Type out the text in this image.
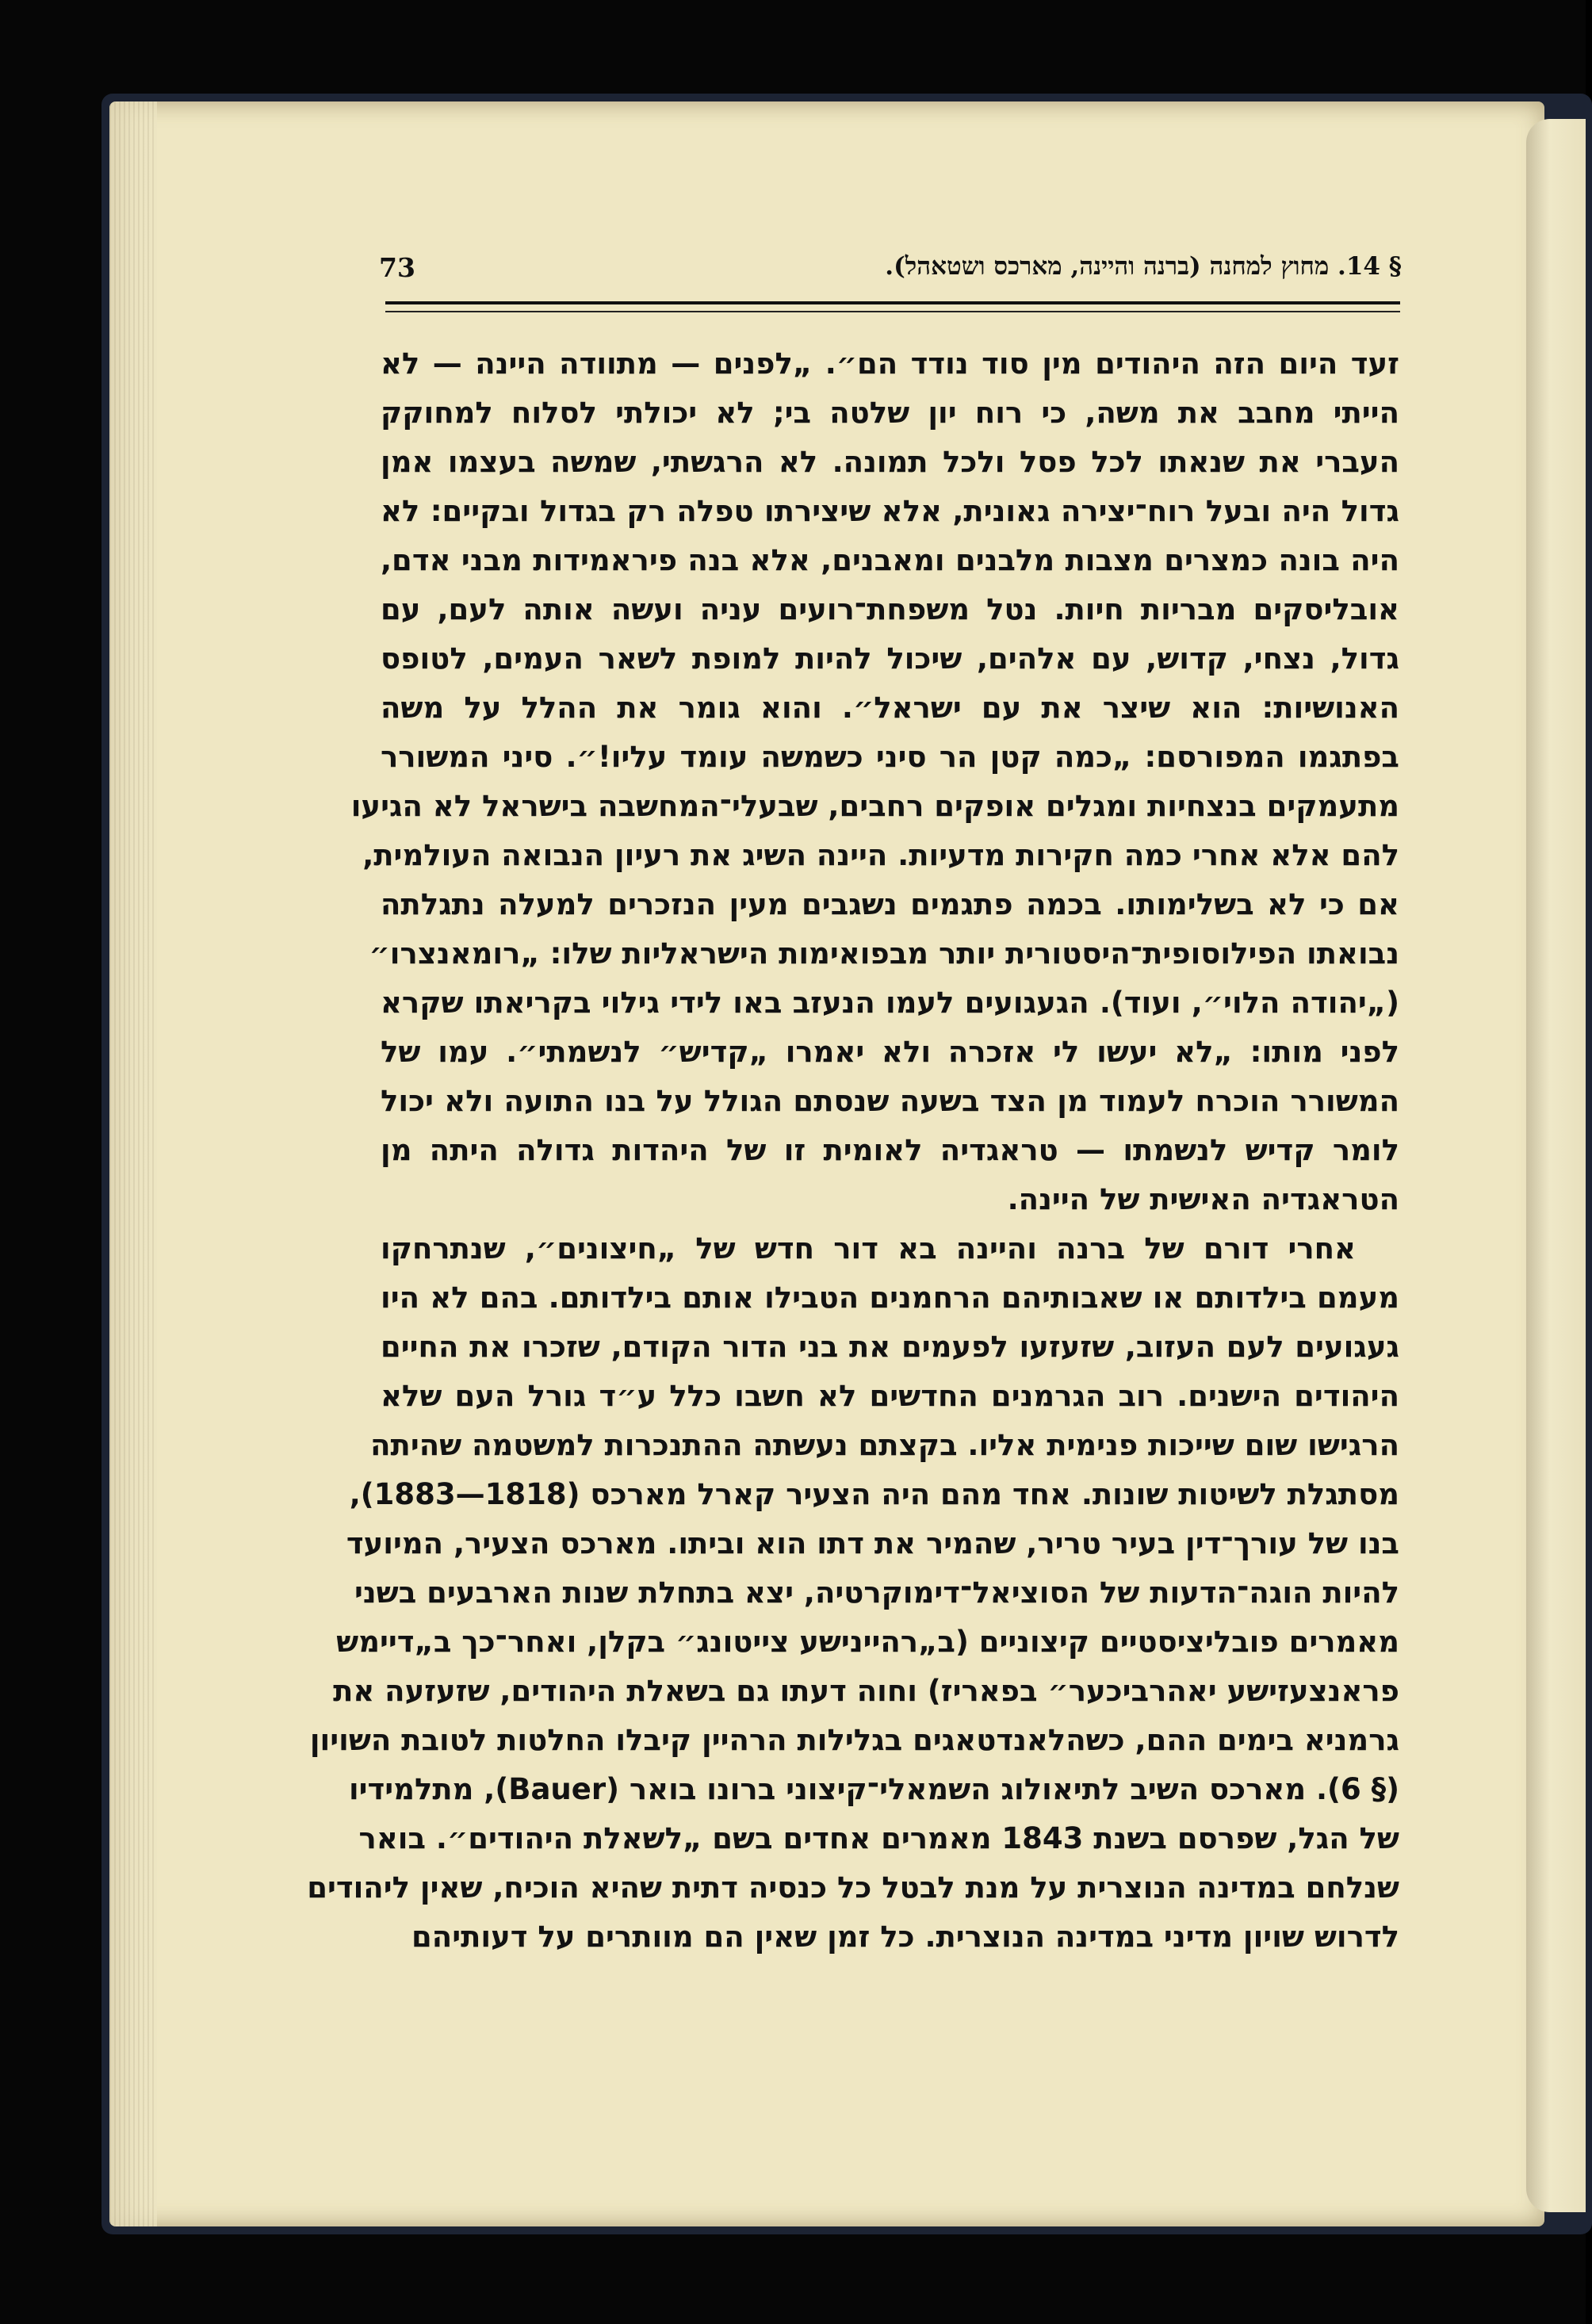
§ 14. מחוץ למחנה (ברנה והיינה, מארכס ושטאהל).
73
זעד היום הזה היהודים מין סוד נודד הם״. „לפנים — מתוודה היינה — לא
הייתי מחבב את משה, כי רוח יון שלטה בי; לא יכולתי לסלוח למחוקק
העברי את שנאתו לכל פסל ולכל תמונה. לא הרגשתי, שמשה בעצמו אמן
גדול היה ובעל רוח־יצירה גאונית, אלא שיצירתו טפלה רק בגדול ובקיים: לא
היה בונה כמצרים מצבות מלבנים ומאבנים, אלא בנה פיראמידות מבני אדם,
אובליסקים מבריות חיות. נטל משפחת־רועים עניה ועשה אותה לעם, עם
גדול, נצחי, קדוש, עם אלהים, שיכול להיות למופת לשאר העמים, לטופס
האנושיות: הוא שיצר את עם ישראל״. והוא גומר את ההלל על משה
בפתגמו המפורסם: „כמה קטן הר סיני כשמשה עומד עליו!״. סיני המשורר
מתעמקים בנצחיות ומגלים אופקים רחבים, שבעלי־המחשבה בישראל לא הגיעו
להם אלא אחרי כמה חקירות מדעיות. היינה השיג את רעיון הנבואה העולמית,
אם כי לא בשלימותו. בכמה פתגמים נשגבים מעין הנזכרים למעלה נתגלתה
נבואתו הפילוסופית־היסטורית יותר מבפואימות הישראליות שלו: „רומאנצרו״
(„יהודה הלוי״, ועוד). הגעגועים לעמו הנעזב באו לידי גילוי בקריאתו שקרא
לפני מותו: „לא יעשו לי אזכרה ולא יאמרו „קדיש״ לנשמתי״. עמו של
המשורר הוכרח לעמוד מן הצד בשעה שנסתם הגולל על בנו התועה ולא יכול
לומר קדיש לנשמתו — טראגדיה לאומית זו של היהדות גדולה היתה מן
הטראגדיה האישית של היינה.
אחרי דורם של ברנה והיינה בא דור חדש של „חיצונים״, שנתרחקו
מעמם בילדותם או שאבותיהם הרחמנים הטבילו אותם בילדותם. בהם לא היו
געגועים לעם העזוב, שזעזעו לפעמים את בני הדור הקודם, שזכרו את החיים
היהודים הישנים. רוב הגרמנים החדשים לא חשבו כלל ע״ד גורל העם שלא
הרגישו שום שייכות פנימית אליו. בקצתם נעשתה ההתנכרות למשטמה שהיתה
מסתגלת לשיטות שונות. אחד מהם היה הצעיר קארל מארכס (1818—1883),
בנו של עורך־דין בעיר טריר, שהמיר את דתו הוא וביתו. מארכס הצעיר, המיועד
להיות הוגה־הדעות של הסוציאל־דימוקרטיה, יצא בתחלת שנות הארבעים בשני
מאמרים פובליציסטיים קיצוניים (ב„רהיינישע צייטונג״ בקלן, ואחר־כך ב„דיימש
פראנצעזישע יאהרביכער״ בפאריז) וחוה דעתו גם בשאלת היהודים, שזעזעה את
גרמניא בימים ההם, כשהלאנדטאגים בגלילות הרהיין קיבלו החלטות לטובת השויון
(§ 6). מארכס השיב לתיאולוג השמאלי־קיצוני ברונו בואר (Bauer), מתלמידיו
של הגל, שפרסם בשנת 1843 מאמרים אחדים בשם „לשאלת היהודים״. בואר
שנלחם במדינה הנוצרית על מנת לבטל כל כנסיה דתית שהיא הוכיח, שאין ליהודים
לדרוש שויון מדיני במדינה הנוצרית. כל זמן שאין הם מוותרים על דעותיהם
